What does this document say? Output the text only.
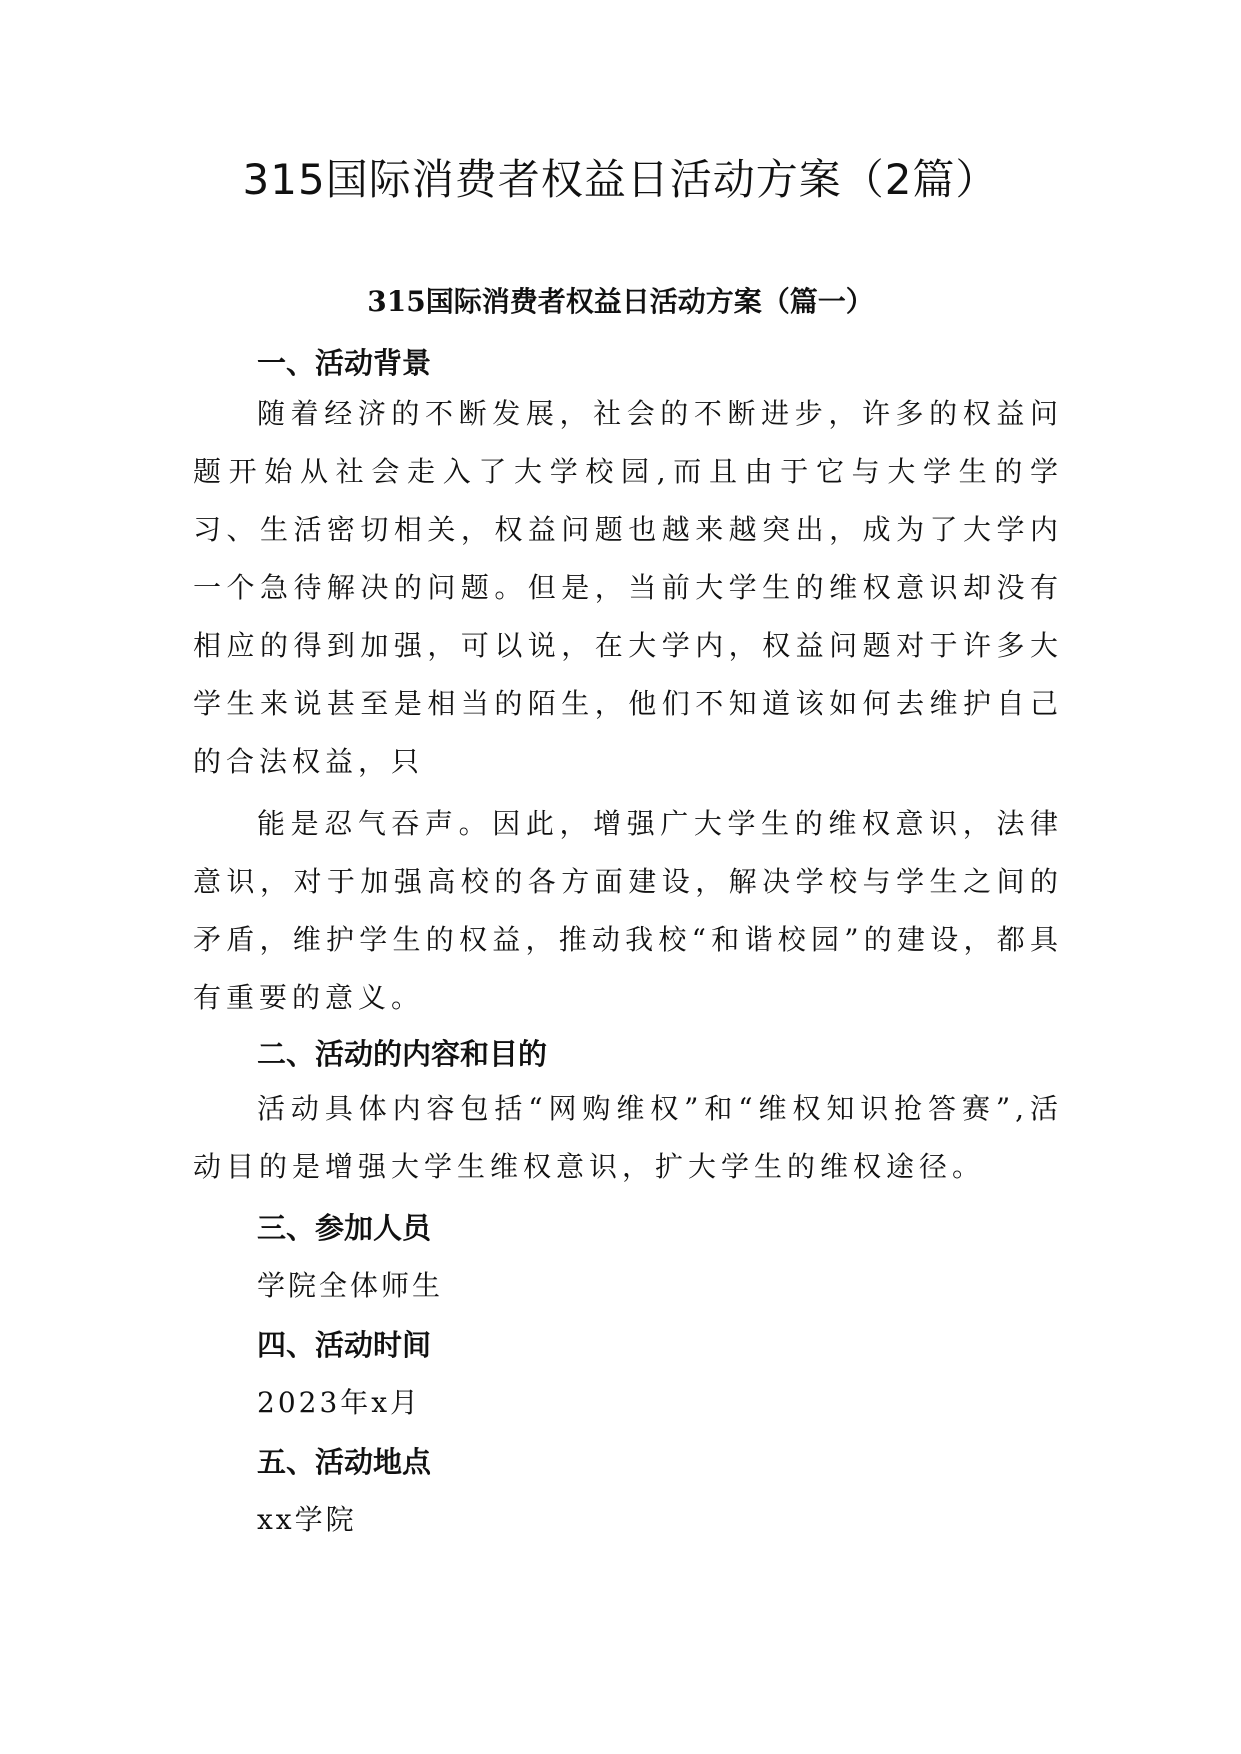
315国际消费者权益日活动方案（2篇）
315国际消费者权益日活动方案（篇一）

一、活动背景

随着经济的不断发展，社会的不断进步，许多的权益问题开始从社会走入了大学校园,而且由于它与大学生的学习、生活密切相关，权益问题也越来越突出，成为了大学内一个急待解决的问题。但是，当前大学生的维权意识却没有相应的得到加强，可以说，在大学内，权益问题对于许多大学生来说甚至是相当的陌生，他们不知道该如何去维护自己的合法权益，只

能是忍气吞声。因此，增强广大学生的维权意识，法律意识，对于加强高校的各方面建设，解决学校与学生之间的矛盾，维护学生的权益，推动我校“和谐校园”的建设，都具有重要的意义。

二、活动的内容和目的

活动具体内容包括“网购维权”和“维权知识抢答赛”,活动目的是增强大学生维权意识，扩大学生的维权途径。

三、参加人员

学院全体师生

四、活动时间

2023年x月

五、活动地点

xx学院
